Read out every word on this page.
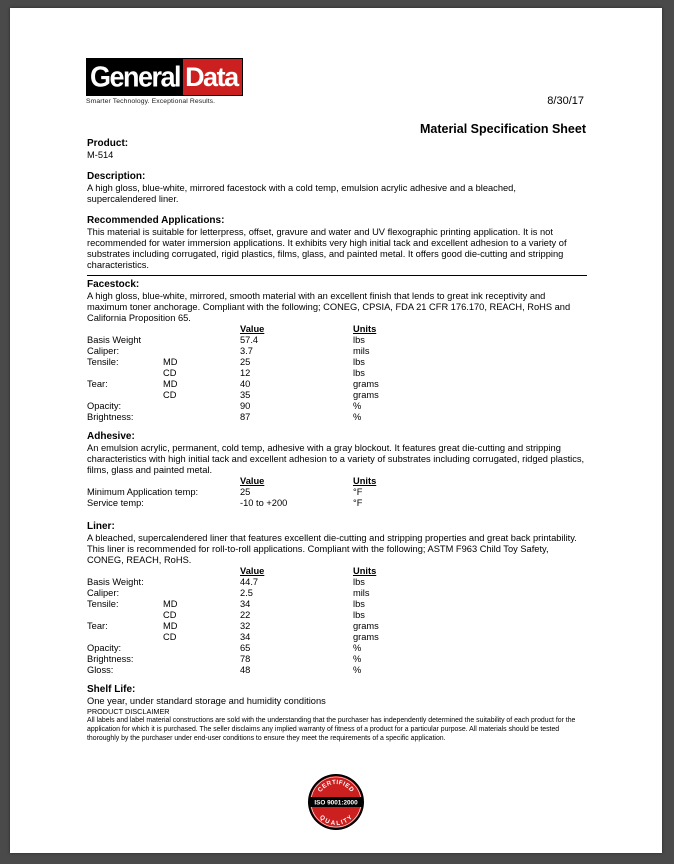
General Data
Smarter Technology. Exceptional Results.	8/30/17
Material Specification Sheet
Product:
M-514
Description:
A high gloss, blue-white, mirrored facestock with a cold temp, emulsion acrylic adhesive and a bleached, supercalendered liner.
Recommended Applications:
This material is suitable for letterpress, offset, gravure and water and UV flexographic printing application. It is not recommended for water immersion applications. It exhibits very high initial tack and excellent adhesion to a variety of substrates including corrugated, rigid plastics, films, glass, and painted metal. It offers good die-cutting and stripping characteristics.
Facestock:
A high gloss, blue-white, mirrored, smooth material with an excellent finish that lends to great ink receptivity and maximum toner anchorage. Compliant with the following; CONEG, CPSIA, FDA 21 CFR 176.170, REACH, RoHS and California Proposition 65.
Value	Units
Basis Weight	57.4	lbs
Caliper:	3.7	mils
Tensile:	MD	25	lbs
CD	12	lbs
Tear:	MD	40	grams
CD	35	grams
Opacity:	90	%
Brightness:	87	%
Adhesive:
An emulsion acrylic, permanent, cold temp, adhesive with a gray blockout. It features great die-cutting and stripping characteristics with high initial tack and excellent adhesion to a variety of substrates including corrugated, ridged plastics, films, glass and painted metal.
Value	Units
Minimum Application temp:	25	°F
Service temp:	-10 to +200	°F
Liner:
A bleached, supercalendered liner that features excellent die-cutting and stripping properties and great back printability. This liner is recommended for roll-to-roll applications. Compliant with the following; ASTM F963 Child Toy Safety, CONEG, REACH, RoHS.
Value	Units
Basis Weight:	44.7	lbs
Caliper:	2.5	mils
Tensile:	MD	34	lbs
CD	22	lbs
Tear:	MD	32	grams
CD	34	grams
Opacity:	65	%
Brightness:	78	%
Gloss:	48	%
Shelf Life:
One year, under standard storage and humidity conditions
PRODUCT DISCLAIMER
All labels and label material constructions are sold with the understanding that the purchaser has independently determined the suitability of each product for the application for which it is purchased. The seller disclaims any implied warranty of fitness of a product for a particular purpose. All materials should be tested thoroughly by the purchaser under end-user conditions to ensure they meet the requirements of a specific application.
CERTIFIED
QUALITY
ISO 9001:2000
